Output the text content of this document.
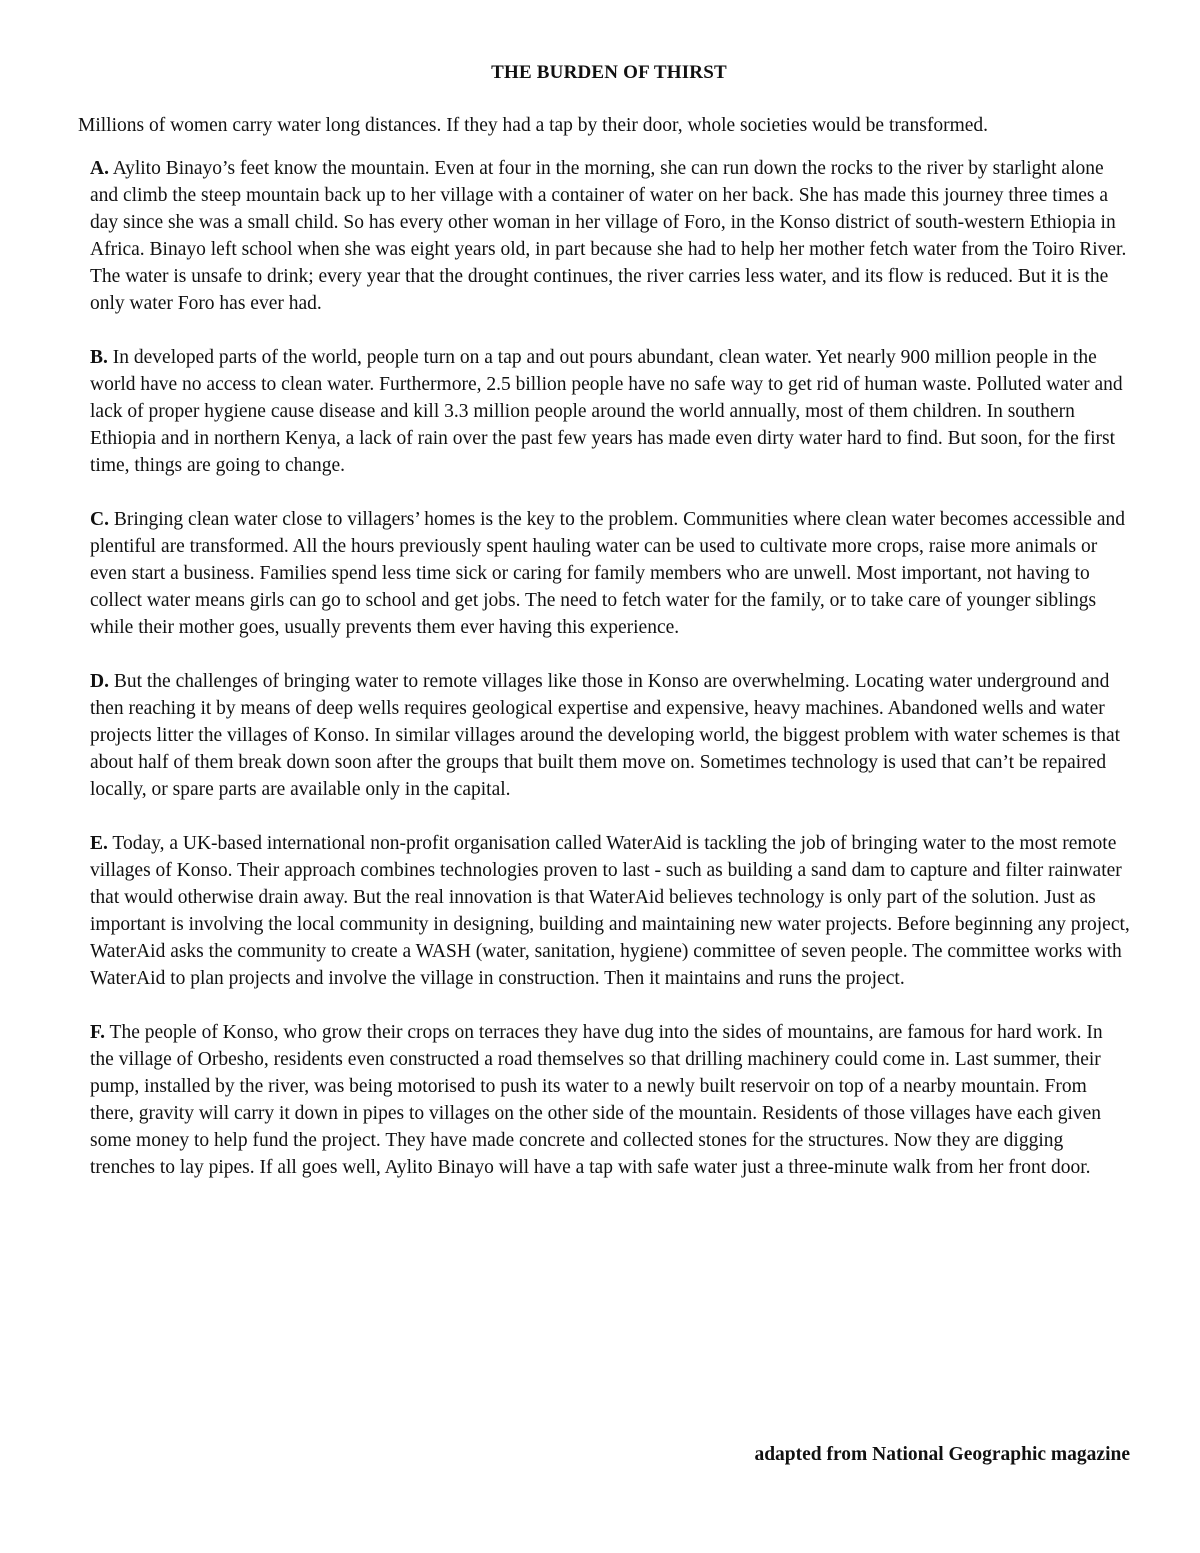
THE BURDEN OF THIRST

Millions of women carry water long distances. If they had a tap by their door, whole societies would be transformed.

A. Aylito Binayo’s feet know the mountain. Even at four in the morning, she can run down the rocks to the river by starlight alone and climb the steep mountain back up to her village with a container of water on her back. She has made this journey three times a day since she was a small child. So has every other woman in her village of Foro, in the Konso district of south-western Ethiopia in Africa. Binayo left school when she was eight years old, in part because she had to help her mother fetch water from the Toiro River. The water is unsafe to drink; every year that the drought continues, the river carries less water, and its flow is reduced. But it is the only water Foro has ever had.

B. In developed parts of the world, people turn on a tap and out pours abundant, clean water. Yet nearly 900 million people in the world have no access to clean water. Furthermore, 2.5 billion people have no safe way to get rid of human waste. Polluted water and lack of proper hygiene cause disease and kill 3.3 million people around the world annually, most of them children. In southern Ethiopia and in northern Kenya, a lack of rain over the past few years has made even dirty water hard to find. But soon, for the first time, things are going to change.

C. Bringing clean water close to villagers’ homes is the key to the problem. Communities where clean water becomes accessible and plentiful are transformed. All the hours previously spent hauling water can be used to cultivate more crops, raise more animals or even start a business. Families spend less time sick or caring for family members who are unwell. Most important, not having to collect water means girls can go to school and get jobs. The need to fetch water for the family, or to take care of younger siblings while their mother goes, usually prevents them ever having this experience.

D. But the challenges of bringing water to remote villages like those in Konso are overwhelming. Locating water underground and then reaching it by means of deep wells requires geological expertise and expensive, heavy machines. Abandoned wells and water projects litter the villages of Konso. In similar villages around the developing world, the biggest problem with water schemes is that about half of them break down soon after the groups that built them move on. Sometimes technology is used that can’t be repaired locally, or spare parts are available only in the capital.

E. Today, a UK-based international non-profit organisation called WaterAid is tackling the job of bringing water to the most remote villages of Konso. Their approach combines technologies proven to last - such as building a sand dam to capture and filter rainwater that would otherwise drain away. But the real innovation is that WaterAid believes technology is only part of the solution. Just as important is involving the local community in designing, building and maintaining new water projects. Before beginning any project, WaterAid asks the community to create a WASH (water, sanitation, hygiene) committee of seven people. The committee works with WaterAid to plan projects and involve the village in construction. Then it maintains and runs the project.

F. The people of Konso, who grow their crops on terraces they have dug into the sides of mountains, are famous for hard work. In the village of Orbesho, residents even constructed a road themselves so that drilling machinery could come in. Last summer, their pump, installed by the river, was being motorised to push its water to a newly built reservoir on top of a nearby mountain. From there, gravity will carry it down in pipes to villages on the other side of the mountain. Residents of those villages have each given some money to help fund the project. They have made concrete and collected stones for the structures. Now they are digging trenches to lay pipes. If all goes well, Aylito Binayo will have a tap with safe water just a three-minute walk from her front door.

adapted from National Geographic magazine
